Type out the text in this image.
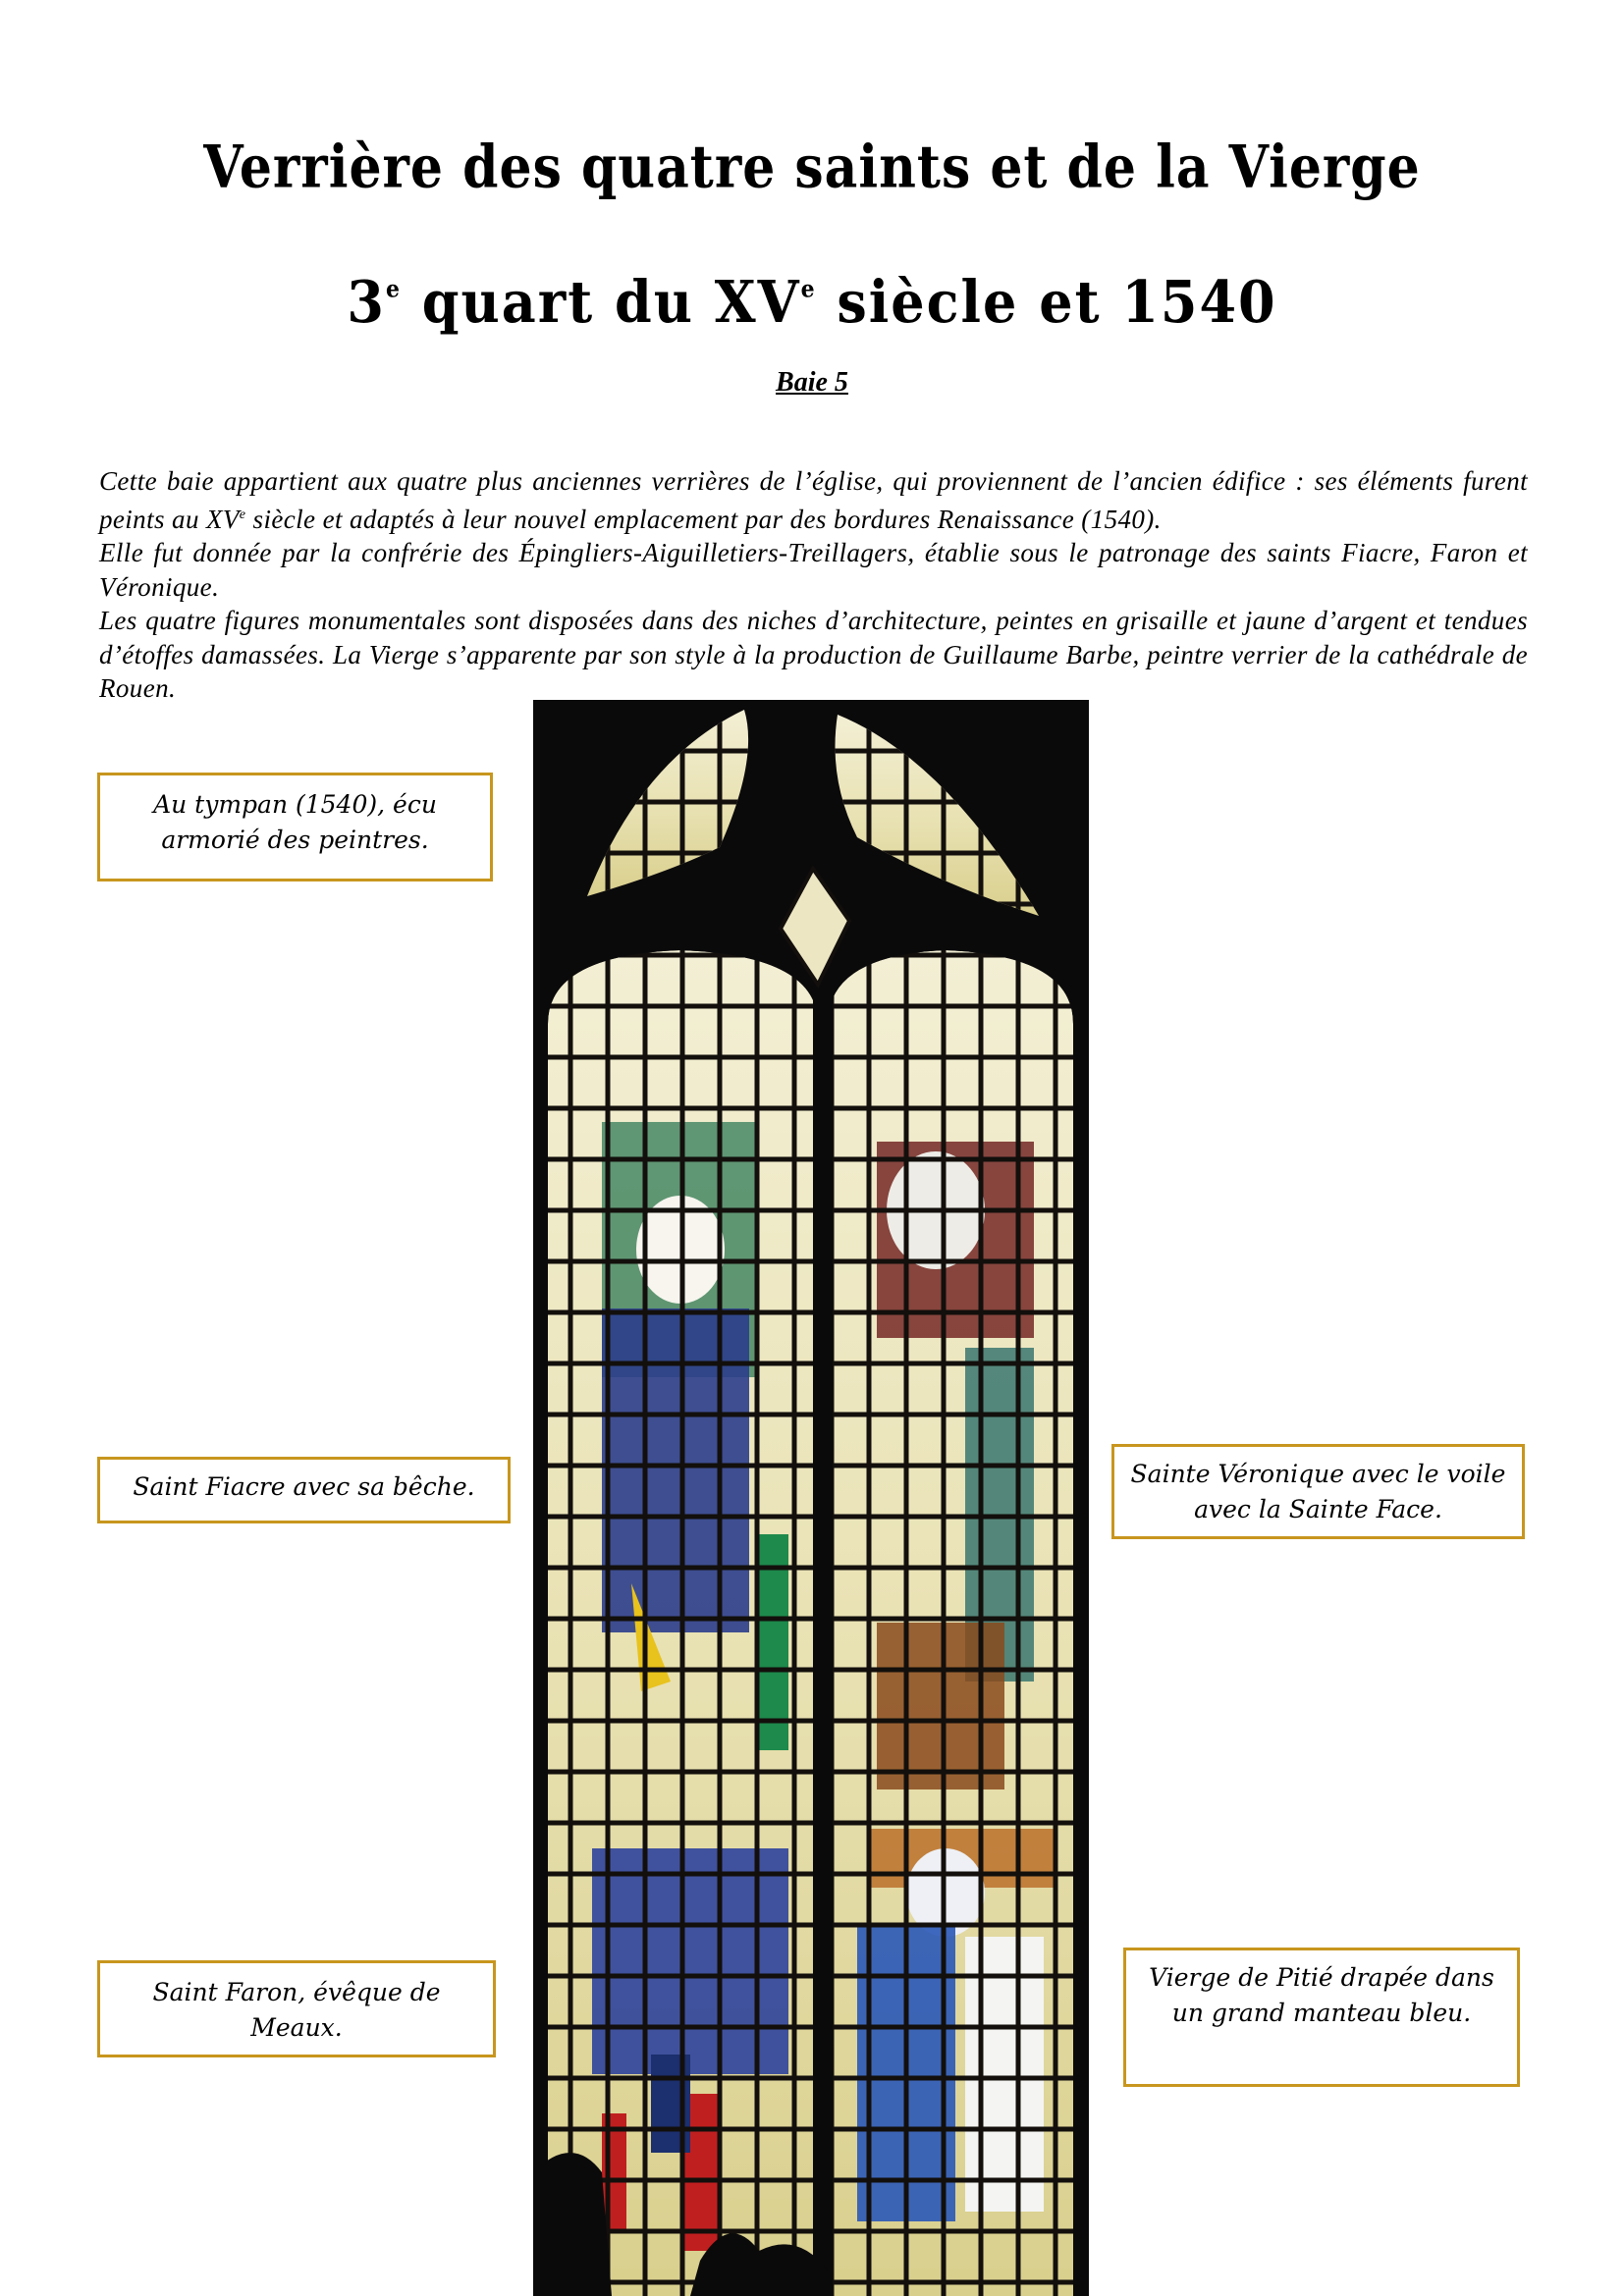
Verrière des quatre saints et de la Vierge
3e quart du XVe siècle et 1540
Baie 5

Cette baie appartient aux quatre plus anciennes verrières de l’église, qui proviennent de l’ancien édifice : ses éléments furent peints au XVe siècle et adaptés à leur nouvel emplacement par des bordures Renaissance (1540).

Elle fut donnée par la confrérie des Épingliers-Aiguilletiers-Treillagers, établie sous le patronage des saints Fiacre, Faron et Véronique.

Les quatre figures monumentales sont disposées dans des niches d’architecture, peintes en grisaille et jaune d’argent et tendues d’étoffes damassées. La Vierge s’apparente par son style à la production de Guillaume Barbe, peintre verrier de la cathédrale de Rouen.

Au tympan (1540), écu armorié des peintres.
Saint Fiacre avec sa bêche.	Sainte Véronique avec le voile avec la Sainte Face.
Saint Faron, évêque de Meaux.
Vierge de Pitié drapée dans un grand manteau bleu.
